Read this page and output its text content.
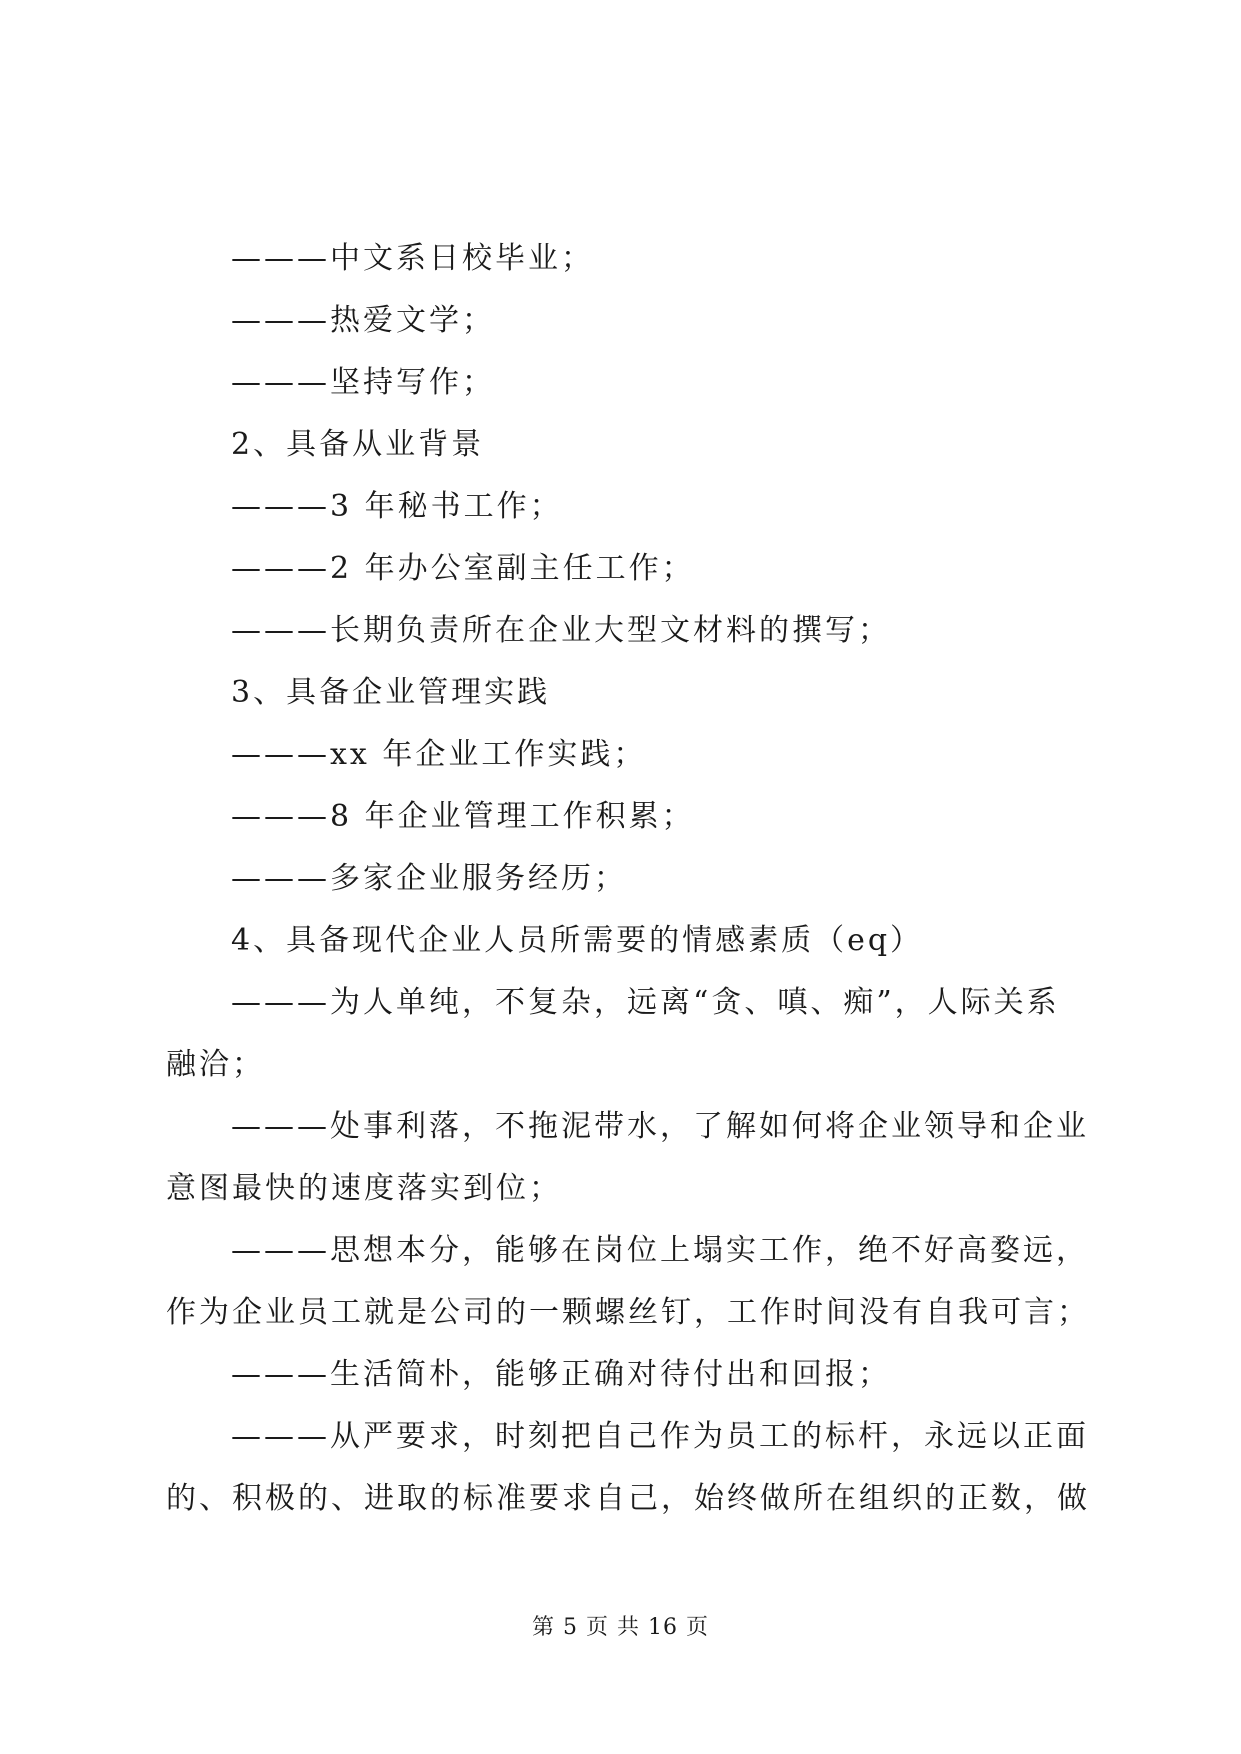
———中文系日校毕业；
———热爱文学；
———坚持写作；
2、具备从业背景
———3 年秘书工作；
———2 年办公室副主任工作；
———长期负责所在企业大型文材料的撰写；
3、具备企业管理实践
———xx 年企业工作实践；
———8 年企业管理工作积累；
———多家企业服务经历；
4、具备现代企业人员所需要的情感素质（eq）
———为人单纯，不复杂，远离“贪、嗔、痴”，人际关系
融洽；
———处事利落，不拖泥带水，了解如何将企业领导和企业
意图最快的速度落实到位；
———思想本分，能够在岗位上塌实工作，绝不好高婺远，
作为企业员工就是公司的一颗螺丝钉，工作时间没有自我可言；
———生活简朴，能够正确对待付出和回报；
———从严要求，时刻把自己作为员工的标杆，永远以正面
的、积极的、进取的标准要求自己，始终做所在组织的正数，做
第 5 页 共 16 页
